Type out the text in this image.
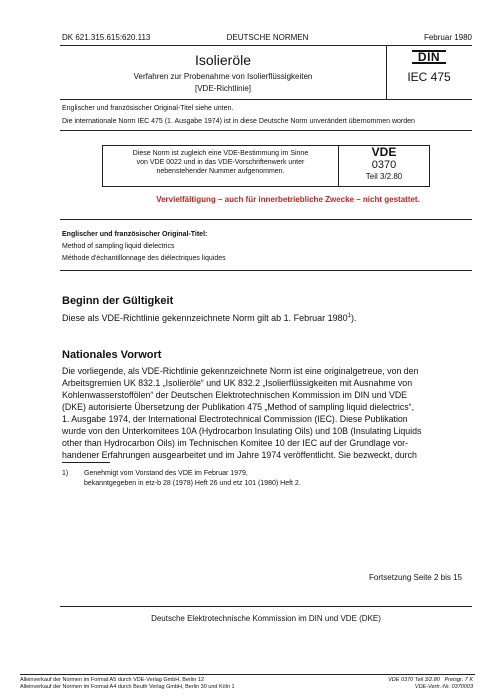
DK 621.315.615:620.113	DEUTSCHE NORMEN	Februar 1980
Isolieröle
Verfahren zur Probenahme von Isolierflüssigkeiten
[VDE-Richtlinie]
DIN
IEC 475
Englischer und französischer Original-Titel siehe unten.
Die internationale Norm IEC 475 (1. Ausgabe 1974) ist in diese Deutsche Norm unverändert übernommen worden
Diese Norm ist zugleich eine VDE-Bestimmung im Sinne
von VDE 0022 und in das VDE-Vorschriftenwerk unter
nebenstehender Nummer aufgenommen.
VDE
0370
Teil 3/2.80
Vervielfältigung – auch für innerbetriebliche Zwecke – nicht gestattet.
Englischer und französischer Original-Titel:
Method of sampling liquid dielectrics
Méthode d'échantillonnage des diélectriques liquides
Beginn der Gültigkeit
Diese als VDE-Richtlinie gekennzeichnete Norm gilt ab 1. Februar 1980$^1$).
Nationales Vorwort
Die vorliegende, als VDE-Richtlinie gekennzeichnete Norm ist eine originalgetreue, von den
Arbeitsgremien UK 832.1 „Isolieröle“ und UK 832.2 „Isolierflüssigkeiten mit Ausnahme von
Kohlenwasserstoffölen“ der Deutschen Elektrotechnischen Kommission im DIN und VDE
(DKE) autorisierte Übersetzung der Publikation 475 „Method of sampling liquid dielectrics“,
1. Ausgabe 1974, der International Electrotechnical Commission (IEC). Diese Publikation
wurde von den Unterkomitees 10A (Hydrocarbon Insulating Oils) und 10B (Insulating Liquids
other than Hydrocarbon Oils) im Technischen Komitee 10 der IEC auf der Grundlage vor-
handener Erfahrungen ausgearbeitet und im Jahre 1974 veröffentlicht. Sie bezweckt, durch
1) Genehmigt vom Vorstand des VDE im Februar 1979,
bekanntgegeben in etz-b 28 (1978) Heft 26 und etz 101 (1980) Heft 2.
Fortsetzung Seite 2 bis 15
Deutsche Elektrotechnische Kommission im DIN und VDE (DKE)
Alleinverkauf der Normen im Format A5 durch VDE-Verlag GmbH, Berlin 12
Alleinverkauf der Normen im Format A4 durch Beuth Verlag GmbH, Berlin 30 und Köln 1
VDE 0370 Teil 3/2.80   Preisgr. 7 K
VDE-Vertr.-Nr. 0370003
